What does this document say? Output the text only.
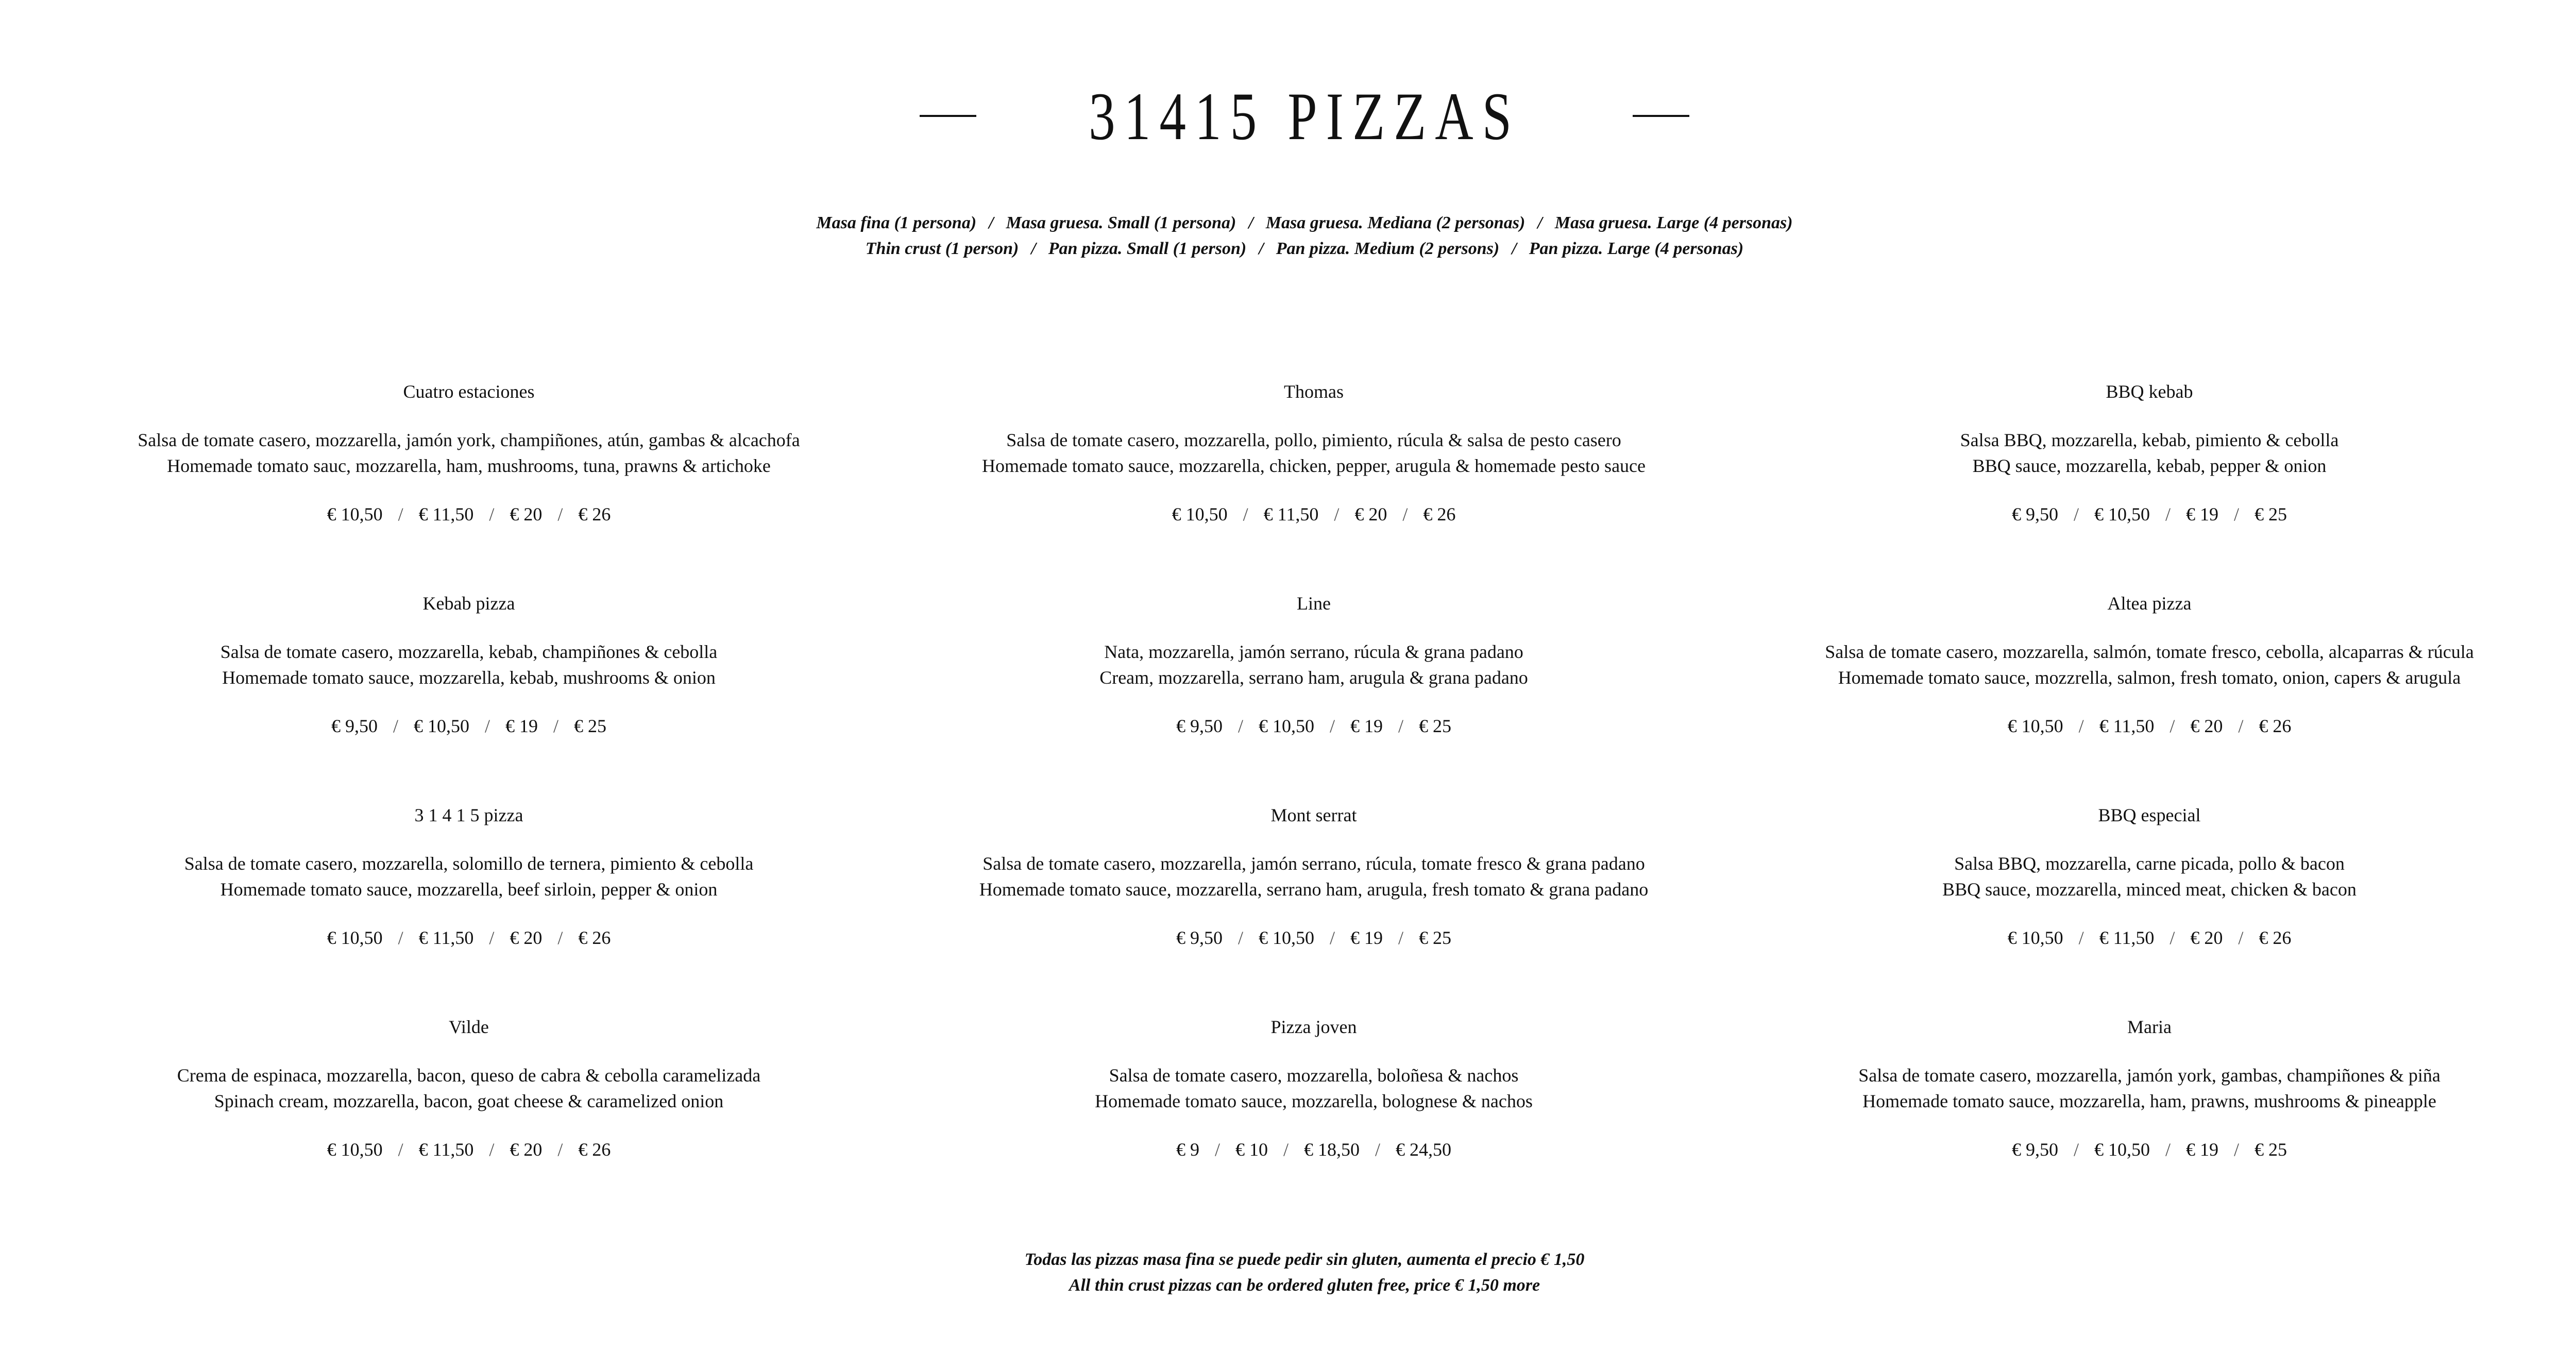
31415 PIZZAS
Masa fina (1 persona) / Masa gruesa. Small (1 persona) / Masa gruesa. Mediana (2 personas) / Masa gruesa. Large (4 personas)
Thin crust (1 person) / Pan pizza. Small (1 person) / Pan pizza. Medium (2 persons) / Pan pizza. Large (4 personas)
Cuatro estaciones
Salsa de tomate casero, mozzarella, jamón york, champiñones, atún, gambas & alcachofa
Homemade tomato sauc, mozzarella, ham, mushrooms, tuna, prawns & artichoke
€ 10,50 / € 11,50 / € 20 / € 26
Thomas
Salsa de tomate casero, mozzarella, pollo, pimiento, rúcula & salsa de pesto casero
Homemade tomato sauce, mozzarella, chicken, pepper, arugula & homemade pesto sauce
€ 10,50 / € 11,50 / € 20 / € 26
BBQ kebab
Salsa BBQ, mozzarella, kebab, pimiento & cebolla
BBQ sauce, mozzarella, kebab, pepper & onion
€ 9,50 / € 10,50 / € 19 / € 25
Kebab pizza
Salsa de tomate casero, mozzarella, kebab, champiñones & cebolla
Homemade tomato sauce, mozzarella, kebab, mushrooms & onion
€ 9,50 / € 10,50 / € 19 / € 25
Line
Nata, mozzarella, jamón serrano, rúcula & grana padano
Cream, mozzarella, serrano ham, arugula & grana padano
€ 9,50 / € 10,50 / € 19 / € 25
Altea pizza
Salsa de tomate casero, mozzarella, salmón, tomate fresco, cebolla, alcaparras & rúcula
Homemade tomato sauce, mozzrella, salmon, fresh tomato, onion, capers & arugula
€ 10,50 / € 11,50 / € 20 / € 26
3 1 4 1 5 pizza
Salsa de tomate casero, mozzarella, solomillo de ternera, pimiento & cebolla
Homemade tomato sauce, mozzarella, beef sirloin, pepper & onion
€ 10,50 / € 11,50 / € 20 / € 26
Mont serrat
Salsa de tomate casero, mozzarella, jamón serrano, rúcula, tomate fresco & grana padano
Homemade tomato sauce, mozzarella, serrano ham, arugula, fresh tomato & grana padano
€ 9,50 / € 10,50 / € 19 / € 25
BBQ especial
Salsa BBQ, mozzarella, carne picada, pollo & bacon
BBQ sauce, mozzarella, minced meat, chicken & bacon
€ 10,50 / € 11,50 / € 20 / € 26
Vilde
Crema de espinaca, mozzarella, bacon, queso de cabra & cebolla caramelizada
Spinach cream, mozzarella, bacon, goat cheese & caramelized onion
€ 10,50 / € 11,50 / € 20 / € 26
Pizza joven
Salsa de tomate casero, mozzarella, boloñesa & nachos
Homemade tomato sauce, mozzarella, bolognese & nachos
€ 9 / € 10 / € 18,50 / € 24,50
Maria
Salsa de tomate casero, mozzarella, jamón york, gambas, champiñones & piña
Homemade tomato sauce, mozzarella, ham, prawns, mushrooms & pineapple
€ 9,50 / € 10,50 / € 19 / € 25
Todas las pizzas masa fina se puede pedir sin gluten, aumenta el precio € 1,50
All thin crust pizzas can be ordered gluten free, price € 1,50 more
